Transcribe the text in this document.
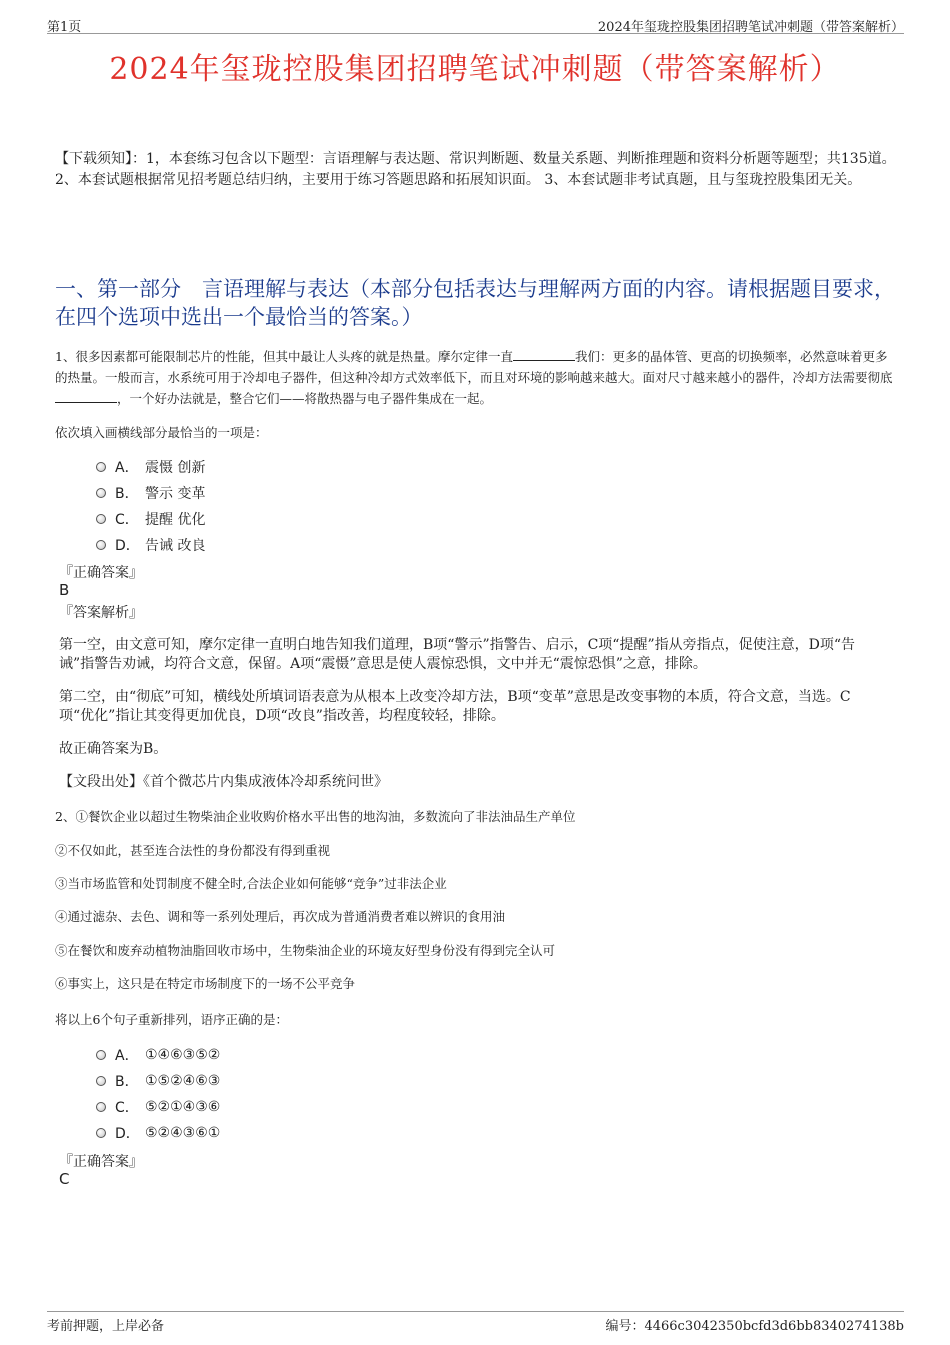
第1页	2024年玺珑控股集团招聘笔试冲刺题（带答案解析）
2024年玺珑控股集团招聘笔试冲刺题（带答案解析）
【下载须知】：1，本套练习包含以下题型：言语理解与表达题、常识判断题、数量关系题、判断推理题和资料分析题等题型；共135道。 2、本套试题根据常见招考题总结归纳，主要用于练习答题思路和拓展知识面。 3、本套试题非考试真题，且与玺珑控股集团无关。
一、第一部分　言语理解与表达（本部分包括表达与理解两方面的内容。请根据题目要求，在四个选项中选出一个最恰当的答案。）
1、很多因素都可能限制芯片的性能，但其中最让人头疼的就是热量。摩尔定律一直	我们：更多的晶体管、更高的切换频率，必然意味着更多的热量。一般而言，水系统可用于冷却电子器件，但这种冷却方式效率低下，而且对环境的影响越来越大。面对尺寸越来越小的器件，冷却方法需要彻底，一个好办法就是，整合它们——将散热器与电子器件集成在一起。
依次填入画横线部分最恰当的一项是：
A． 震慑 创新
B． 警示 变革
C． 提醒 优化
D． 告诫 改良
『正确答案』
B
『答案解析』
第一空，由文意可知，摩尔定律一直明白地告知我们道理，B项“警示”指警告、启示，C项“提醒”指从旁指点，促使注意，D项“告诫”指警告劝诫，均符合文意，保留。A项“震慑”意思是使人震惊恐惧，文中并无“震惊恐惧”之意，排除。
第二空，由“彻底”可知，横线处所填词语表意为从根本上改变冷却方法，B项“变革”意思是改变事物的本质，符合文意，当选。C项“优化”指让其变得更加优良，D项“改良”指改善，均程度较轻，排除。
故正确答案为B。
【文段出处】《首个微芯片内集成液体冷却系统问世》
2、①餐饮企业以超过生物柴油企业收购价格水平出售的地沟油，多数流向了非法油品生产单位
②不仅如此，甚至连合法性的身份都没有得到重视
③当市场监管和处罚制度不健全时,合法企业如何能够“竞争”过非法企业
④通过滤杂、去色、调和等一系列处理后，再次成为普通消费者难以辨识的食用油
⑤在餐饮和废弃动植物油脂回收市场中，生物柴油企业的环境友好型身份没有得到完全认可
⑥事实上，这只是在特定市场制度下的一场不公平竞争
将以上6个句子重新排列，语序正确的是：
A． ①④⑥③⑤②
B． ①⑤②④⑥③
C． ⑤②①④③⑥
D． ⑤②④③⑥①
『正确答案』
C
考前押题，上岸必备	编号：4466c3042350bcfd3d6bb8340274138b
